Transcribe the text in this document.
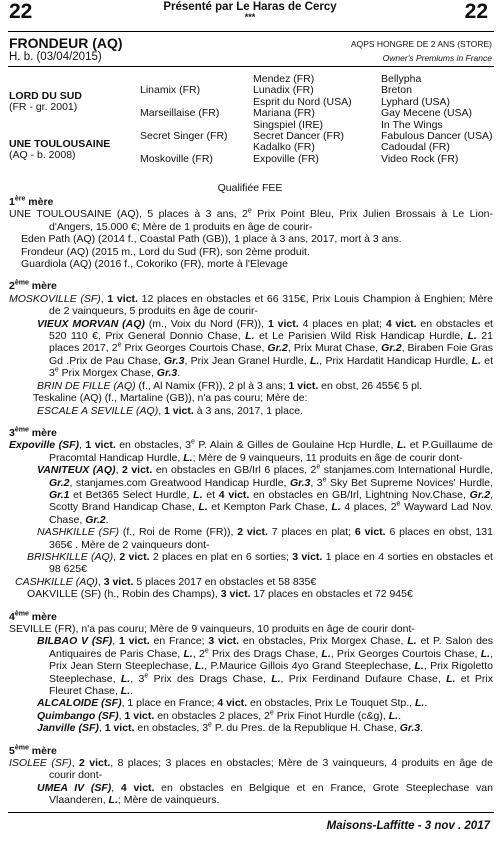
22	Présenté par Le Haras de Cercy
***	22
FRONDEUR (AQ)
H. b. (03/04/2015)
AQPS HONGRE DE 2 ANS (STORE)
Owner's Premiums in France
LORD DU SUD
(FR - gr. 2001)
UNE TOULOUSAINE
(AQ - b. 2008)
Linamix (FR)
Marseillaise (FR)
Secret Singer (FR)
Moskoville (FR)
Mendez (FR)
Lunadix (FR)
Esprit du Nord (USA)
Mariana (FR)
Singspiel (IRE)
Secret Dancer (FR)
Kadalko (FR)
Expoville (FR)
Bellypha
Breton
Lyphard (USA)
Gay Mecene (USA)
In The Wings
Fabulous Dancer (USA)
Cadoudal (FR)
Video Rock (FR)
Qualifiée FEE
1ère mère
UNE TOULOUSAINE (AQ), 5 places à 3 ans, 2e Prix Point Bleu, Prix Julien Brossais à Le Lion-d'Angers, 15.000 €; Mère de 1 produits en âge de courir-
Eden Path (AQ) (2014 f., Coastal Path (GB)), 1 place à 3 ans, 2017, mort à 3 ans.
Frondeur (AQ) (2015 m., Lord du Sud (FR), son 2ème produit.
Guardiola (AQ) (2016 f., Cokoriko (FR), morte à l'Elevage
2ème mère
MOSKOVILLE (SF), 1 vict. 12 places en obstacles et 66 315€, Prix Louis Champion à Enghien; Mère de 2 vainqueurs, 5 produits en âge de courir-
VIEUX MORVAN (AQ) (m., Voix du Nord (FR)), 1 vict. 4 places en plat; 4 vict. en obstacles et 520 110 €, Prix General Donnio Chase, L. et Le Parisien Wild Risk Handicap Hurdle, L. 21 places 2017, 2e Prix Georges Courtois Chase, Gr.2, Prix Murat Chase, Gr.2, Biraben Foie Gras Gd .Prix de Pau Chase, Gr.3, Prix Jean Granel Hurdle, L., Prix Hardatit Handicap Hurdle, L. et 3e Prix Morgex Chase, Gr.3.
BRIN DE FILLE (AQ) (f., Al Namix (FR)), 2 pl à 3 ans; 1 vict. en obst, 26 455€ 5 pl.
Teskaline (AQ) (f., Martaline (GB)), n'a pas couru; Mère de:
ESCALE A SEVILLE (AQ), 1 vict. à 3 ans, 2017, 1 place.
3ème mère
Expoville (SF), 1 vict. en obstacles, 3e P. Alain & Gilles de Goulaine Hcp Hurdle, L. et P.Guillaume de Pracomtal Handicap Hurdle, L.; Mère de 9 vainqueurs, 11 produits en âge de courir dont-
VANITEUX (AQ), 2 vict. en obstacles en GB/Irl 6 places, 2e stanjames.com International Hurdle, Gr.2, stanjames.com Greatwood Handicap Hurdle, Gr.3, 3e Sky Bet Supreme Novices' Hurdle, Gr.1 et Bet365 Select Hurdle, L. et 4 vict. en obstacles en GB/Irl, Lightning Nov.Chase, Gr.2, Scotty Brand Handicap Chase, L. et Kempton Park Chase, L. 4 places, 2e Wayward Lad Nov. Chase, Gr.2.
NASHKILLE (SF) (f., Roi de Rome (FR)), 2 vict. 7 places en plat; 6 vict. 6 places en obst, 131 365€ . Mère de 2 vainqueurs dont-
BRISHKILLE (AQ), 2 vict. 2 places en plat en 6 sorties; 3 vict. 1 place en 4 sorties en obstacles et 98 625€
CASHKILLE (AQ), 3 vict. 5 places 2017 en obstacles et 58 835€
OAKVILLE (SF) (h., Robin des Champs), 3 vict. 17 places en obstacles et 72 945€
4ème mère
SEVILLE (FR), n'a pas couru; Mère de 9 vainqueurs, 10 produits en âge de courir dont-
BILBAO V (SF), 1 vict. en France; 3 vict. en obstacles, Prix Morgex Chase, L. et P. Salon des Antiquaires de Paris Chase, L., 2e Prix des Drags Chase, L., Prix Georges Courtois Chase, L., Prix Jean Stern Steeplechase, L., P.Maurice Gillois 4yo Grand Steeplechase, L., Prix Rigoletto Steeplechase, L., 3e Prix des Drags Chase, L., Prix Ferdinand Dufaure Chase, L. et Prix Fleuret Chase, L..
ALCALOIDE (SF), 1 place en France; 4 vict. en obstacles, Prix Le Touquet Stp., L..
Quimbango (SF), 1 vict. en obstacles 2 places, 2e Prix Finot Hurdle (c&g), L..
Janville (SF), 1 vict. en obstacles, 3e P. du Pres. de la Republique H. Chase, Gr.3.
5ème mère
ISOLEE (SF), 2 vict., 8 places; 3 places en obstacles; Mère de 3 vainqueurs, 4 produits en âge de courir dont-
UMEA IV (SF), 4 vict. en obstacles en Belgique et en France, Grote Steeplechase van Vlaanderen, L.; Mère de vainqueurs.
Maisons-Laffitte - 3 nov . 2017
